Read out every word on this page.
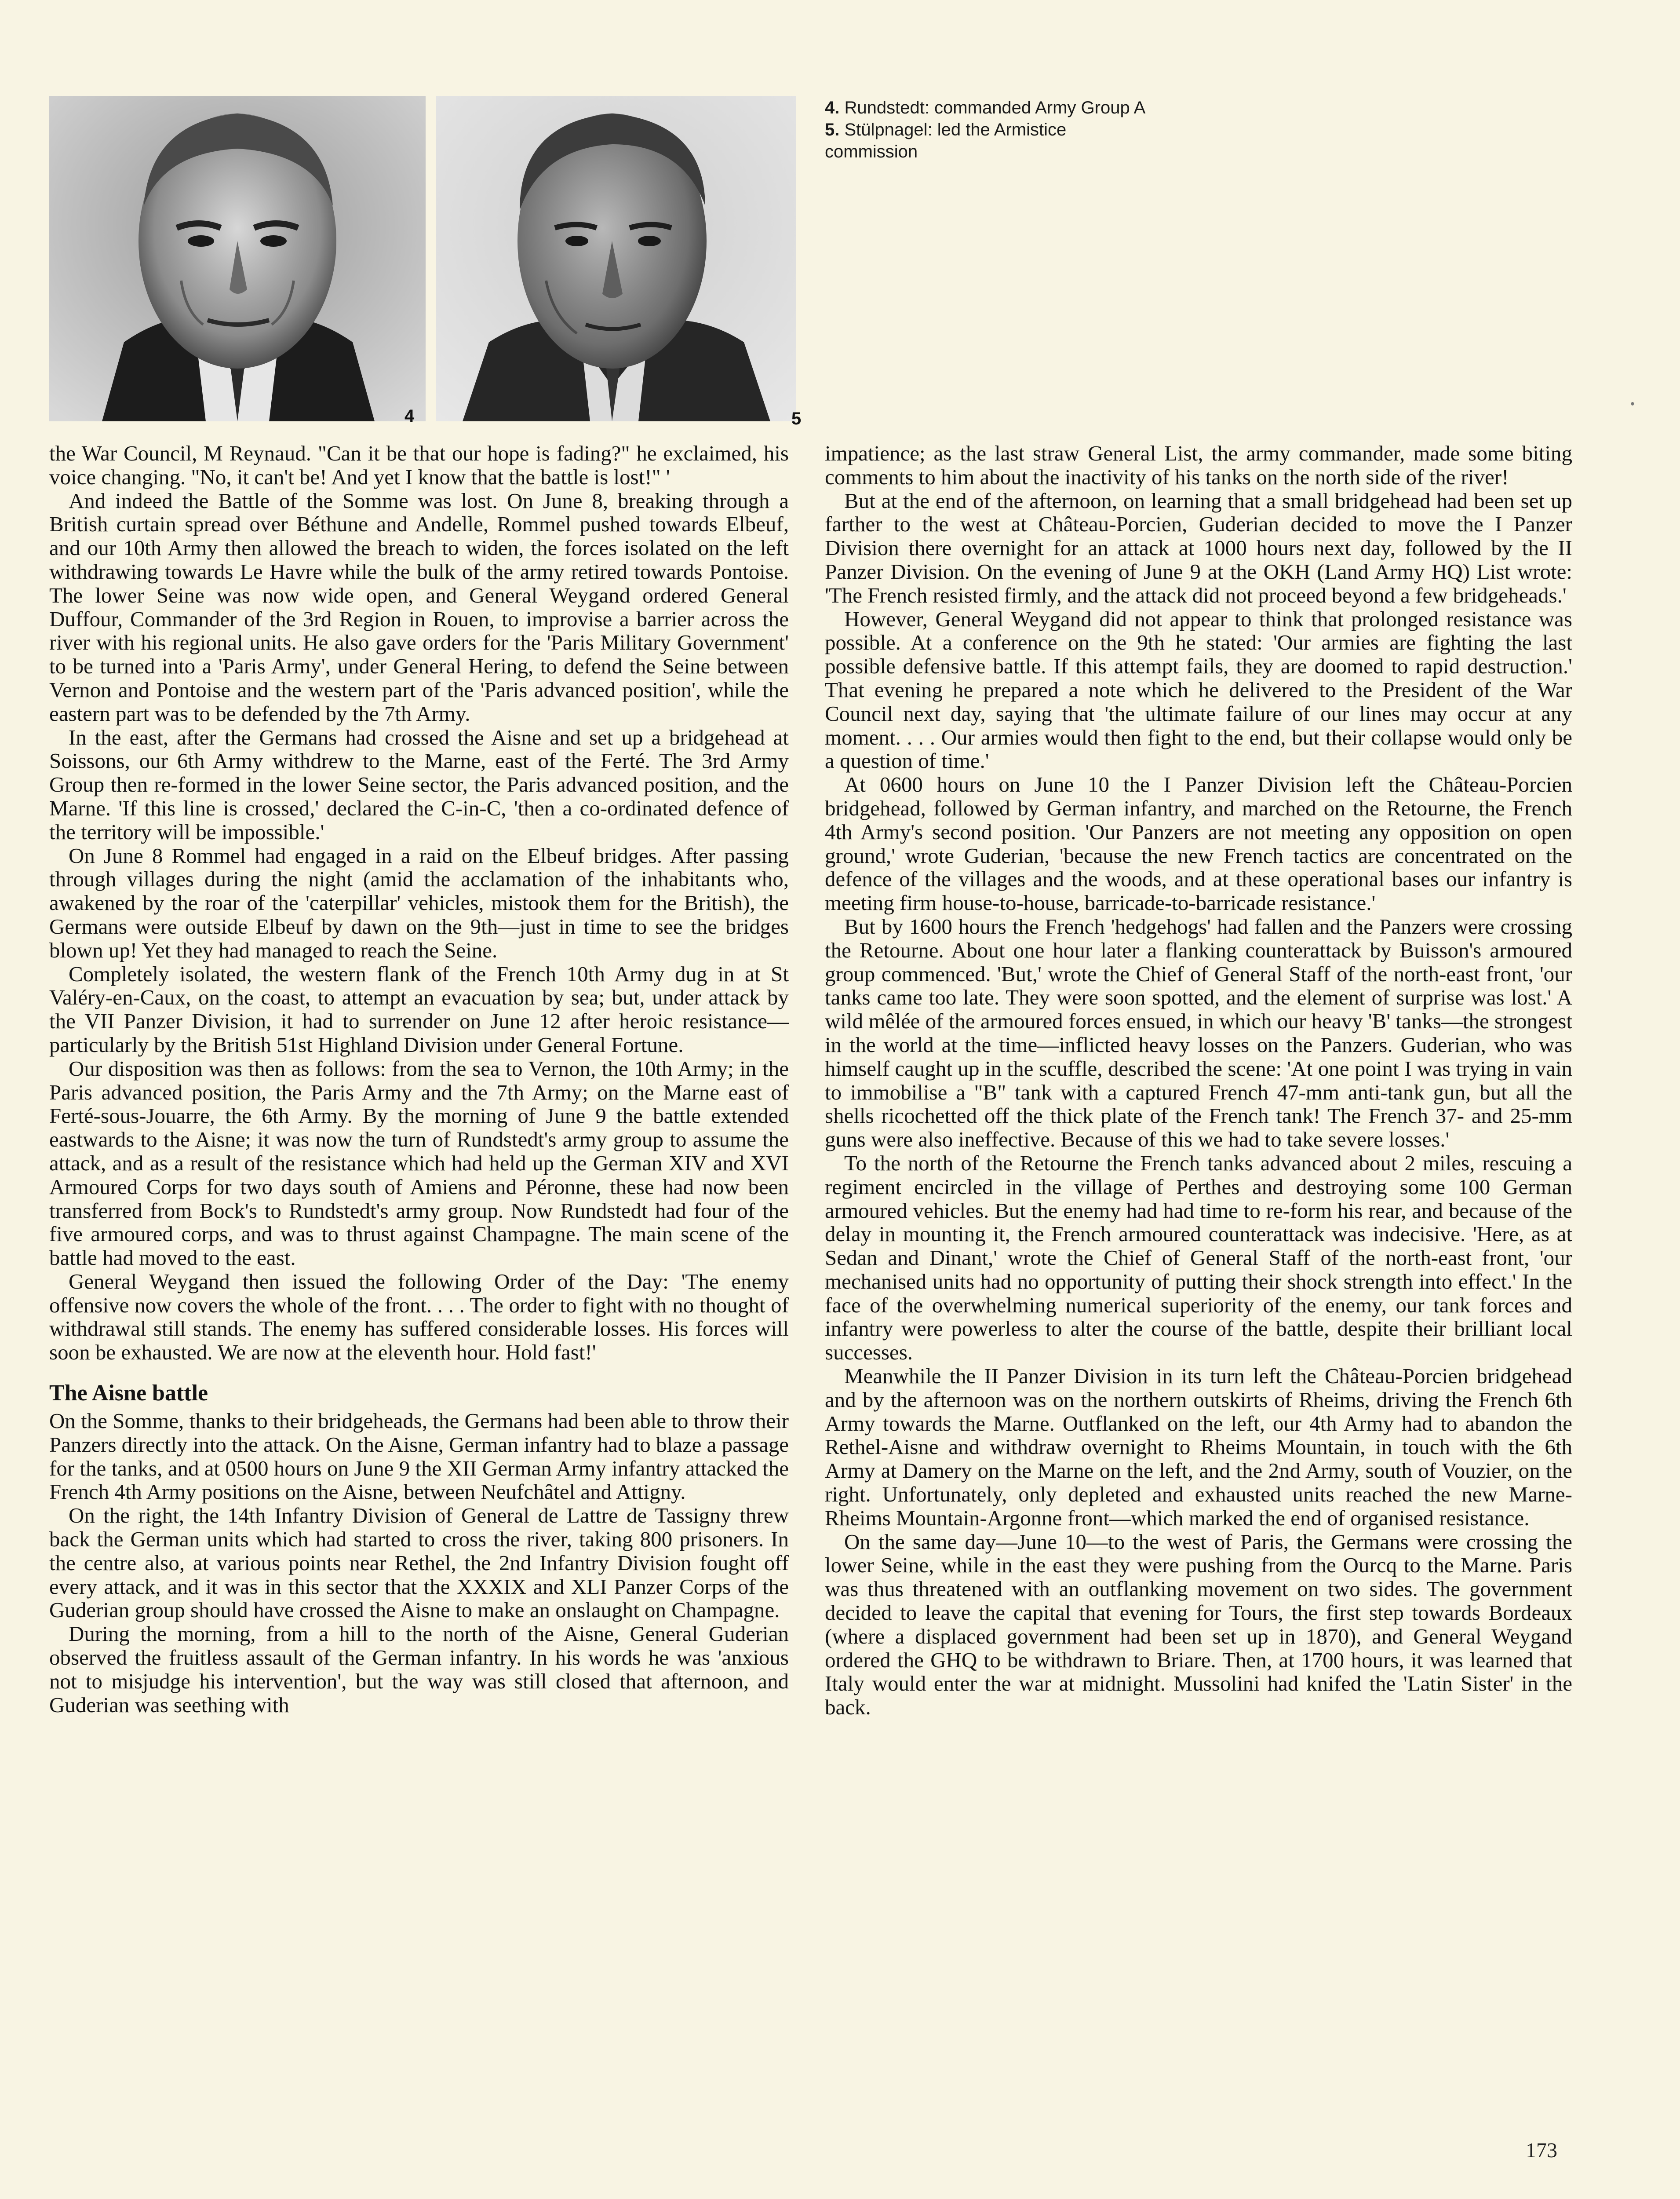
4	5

4. Rundstedt: commanded Army Group A

5. Stülpnagel: led the Armistice commission

the War Council, M Reynaud. "Can it be that our hope is fading?" he exclaimed, his voice changing. "No, it can't be! And yet I know that the battle is lost!" '

And indeed the Battle of the Somme was lost. On June 8, breaking through a British curtain spread over Béthune and Andelle, Rommel pushed towards Elbeuf, and our 10th Army then allowed the breach to widen, the forces isolated on the left withdrawing towards Le Havre while the bulk of the army retired towards Pontoise. The lower Seine was now wide open, and General Weygand ordered General Duffour, Commander of the 3rd Region in Rouen, to improvise a barrier across the river with his regional units. He also gave orders for the 'Paris Military Government' to be turned into a 'Paris Army', under General Hering, to defend the Seine between Vernon and Pontoise and the western part of the 'Paris advanced position', while the eastern part was to be defended by the 7th Army.

In the east, after the Germans had crossed the Aisne and set up a bridgehead at Soissons, our 6th Army withdrew to the Marne, east of the Ferté. The 3rd Army Group then re-formed in the lower Seine sector, the Paris advanced position, and the Marne. 'If this line is crossed,' declared the C-in-C, 'then a co-ordinated defence of the territory will be impossible.'

On June 8 Rommel had engaged in a raid on the Elbeuf bridges. After passing through villages during the night (amid the acclamation of the inhabitants who, awakened by the roar of the 'caterpillar' vehicles, mistook them for the British), the Germans were outside Elbeuf by dawn on the 9th—just in time to see the bridges blown up! Yet they had managed to reach the Seine.

Completely isolated, the western flank of the French 10th Army dug in at St Valéry-en-Caux, on the coast, to attempt an evacuation by sea; but, under attack by the VII Panzer Division, it had to surrender on June 12 after heroic resistance—particularly by the British 51st Highland Division under General Fortune.

Our disposition was then as follows: from the sea to Vernon, the 10th Army; in the Paris advanced position, the Paris Army and the 7th Army; on the Marne east of Ferté-sous-Jouarre, the 6th Army. By the morning of June 9 the battle extended eastwards to the Aisne; it was now the turn of Rundstedt's army group to assume the attack, and as a result of the resistance which had held up the German XIV and XVI Armoured Corps for two days south of Amiens and Péronne, these had now been transferred from Bock's to Rundstedt's army group. Now Rundstedt had four of the five armoured corps, and was to thrust against Champagne. The main scene of the battle had moved to the east.

General Weygand then issued the following Order of the Day: 'The enemy offensive now covers the whole of the front. . . . The order to fight with no thought of withdrawal still stands. The enemy has suffered considerable losses. His forces will soon be exhausted. We are now at the eleventh hour. Hold fast!'

The Aisne battle

On the Somme, thanks to their bridgeheads, the Germans had been able to throw their Panzers directly into the attack. On the Aisne, German infantry had to blaze a passage for the tanks, and at 0500 hours on June 9 the XII German Army infantry attacked the French 4th Army positions on the Aisne, between Neufchâtel and Attigny.

On the right, the 14th Infantry Division of General de Lattre de Tassigny threw back the German units which had started to cross the river, taking 800 prisoners. In the centre also, at various points near Rethel, the 2nd Infantry Division fought off every attack, and it was in this sector that the XXXIX and XLI Panzer Corps of the Guderian group should have crossed the Aisne to make an onslaught on Champagne.

During the morning, from a hill to the north of the Aisne, General Guderian observed the fruitless assault of the German infantry. In his words he was 'anxious not to misjudge his intervention', but the way was still closed that afternoon, and Guderian was seething with

impatience; as the last straw General List, the army commander, made some biting comments to him about the inactivity of his tanks on the north side of the river!

But at the end of the afternoon, on learning that a small bridgehead had been set up farther to the west at Château-Porcien, Guderian decided to move the I Panzer Division there overnight for an attack at 1000 hours next day, followed by the II Panzer Division. On the evening of June 9 at the OKH (Land Army HQ) List wrote: 'The French resisted firmly, and the attack did not proceed beyond a few bridgeheads.'

However, General Weygand did not appear to think that prolonged resistance was possible. At a conference on the 9th he stated: 'Our armies are fighting the last possible defensive battle. If this attempt fails, they are doomed to rapid destruction.' That evening he prepared a note which he delivered to the President of the War Council next day, saying that 'the ultimate failure of our lines may occur at any moment. . . . Our armies would then fight to the end, but their collapse would only be a question of time.'

At 0600 hours on June 10 the I Panzer Division left the Château-Porcien bridgehead, followed by German infantry, and marched on the Retourne, the French 4th Army's second position. 'Our Panzers are not meeting any opposition on open ground,' wrote Guderian, 'because the new French tactics are concentrated on the defence of the villages and the woods, and at these operational bases our infantry is meeting firm house-to-house, barricade-to-barricade resistance.'

But by 1600 hours the French 'hedgehogs' had fallen and the Panzers were crossing the Retourne. About one hour later a flanking counterattack by Buisson's armoured group commenced. 'But,' wrote the Chief of General Staff of the north-east front, 'our tanks came too late. They were soon spotted, and the element of surprise was lost.' A wild mêlée of the armoured forces ensued, in which our heavy 'B' tanks—the strongest in the world at the time—inflicted heavy losses on the Panzers. Guderian, who was himself caught up in the scuffle, described the scene: 'At one point I was trying in vain to immobilise a "B" tank with a captured French 47-mm anti-tank gun, but all the shells ricochetted off the thick plate of the French tank! The French 37- and 25-mm guns were also ineffective. Because of this we had to take severe losses.'

To the north of the Retourne the French tanks advanced about 2 miles, rescuing a regiment encircled in the village of Perthes and destroying some 100 German armoured vehicles. But the enemy had had time to re-form his rear, and because of the delay in mounting it, the French armoured counterattack was indecisive. 'Here, as at Sedan and Dinant,' wrote the Chief of General Staff of the north-east front, 'our mechanised units had no opportunity of putting their shock strength into effect.' In the face of the overwhelming numerical superiority of the enemy, our tank forces and infantry were powerless to alter the course of the battle, despite their brilliant local successes.

Meanwhile the II Panzer Division in its turn left the Château-Porcien bridgehead and by the afternoon was on the northern outskirts of Rheims, driving the French 6th Army towards the Marne. Outflanked on the left, our 4th Army had to abandon the Rethel-Aisne and withdraw overnight to Rheims Mountain, in touch with the 6th Army at Damery on the Marne on the left, and the 2nd Army, south of Vouzier, on the right. Unfortunately, only depleted and exhausted units reached the new Marne-Rheims Mountain-Argonne front—which marked the end of organised resistance.

On the same day—June 10—to the west of Paris, the Germans were crossing the lower Seine, while in the east they were pushing from the Ourcq to the Marne. Paris was thus threatened with an outflanking movement on two sides. The government decided to leave the capital that evening for Tours, the first step towards Bordeaux (where a displaced government had been set up in 1870), and General Weygand ordered the GHQ to be withdrawn to Briare. Then, at 1700 hours, it was learned that Italy would enter the war at midnight. Mussolini had knifed the 'Latin Sister' in the back.

173
